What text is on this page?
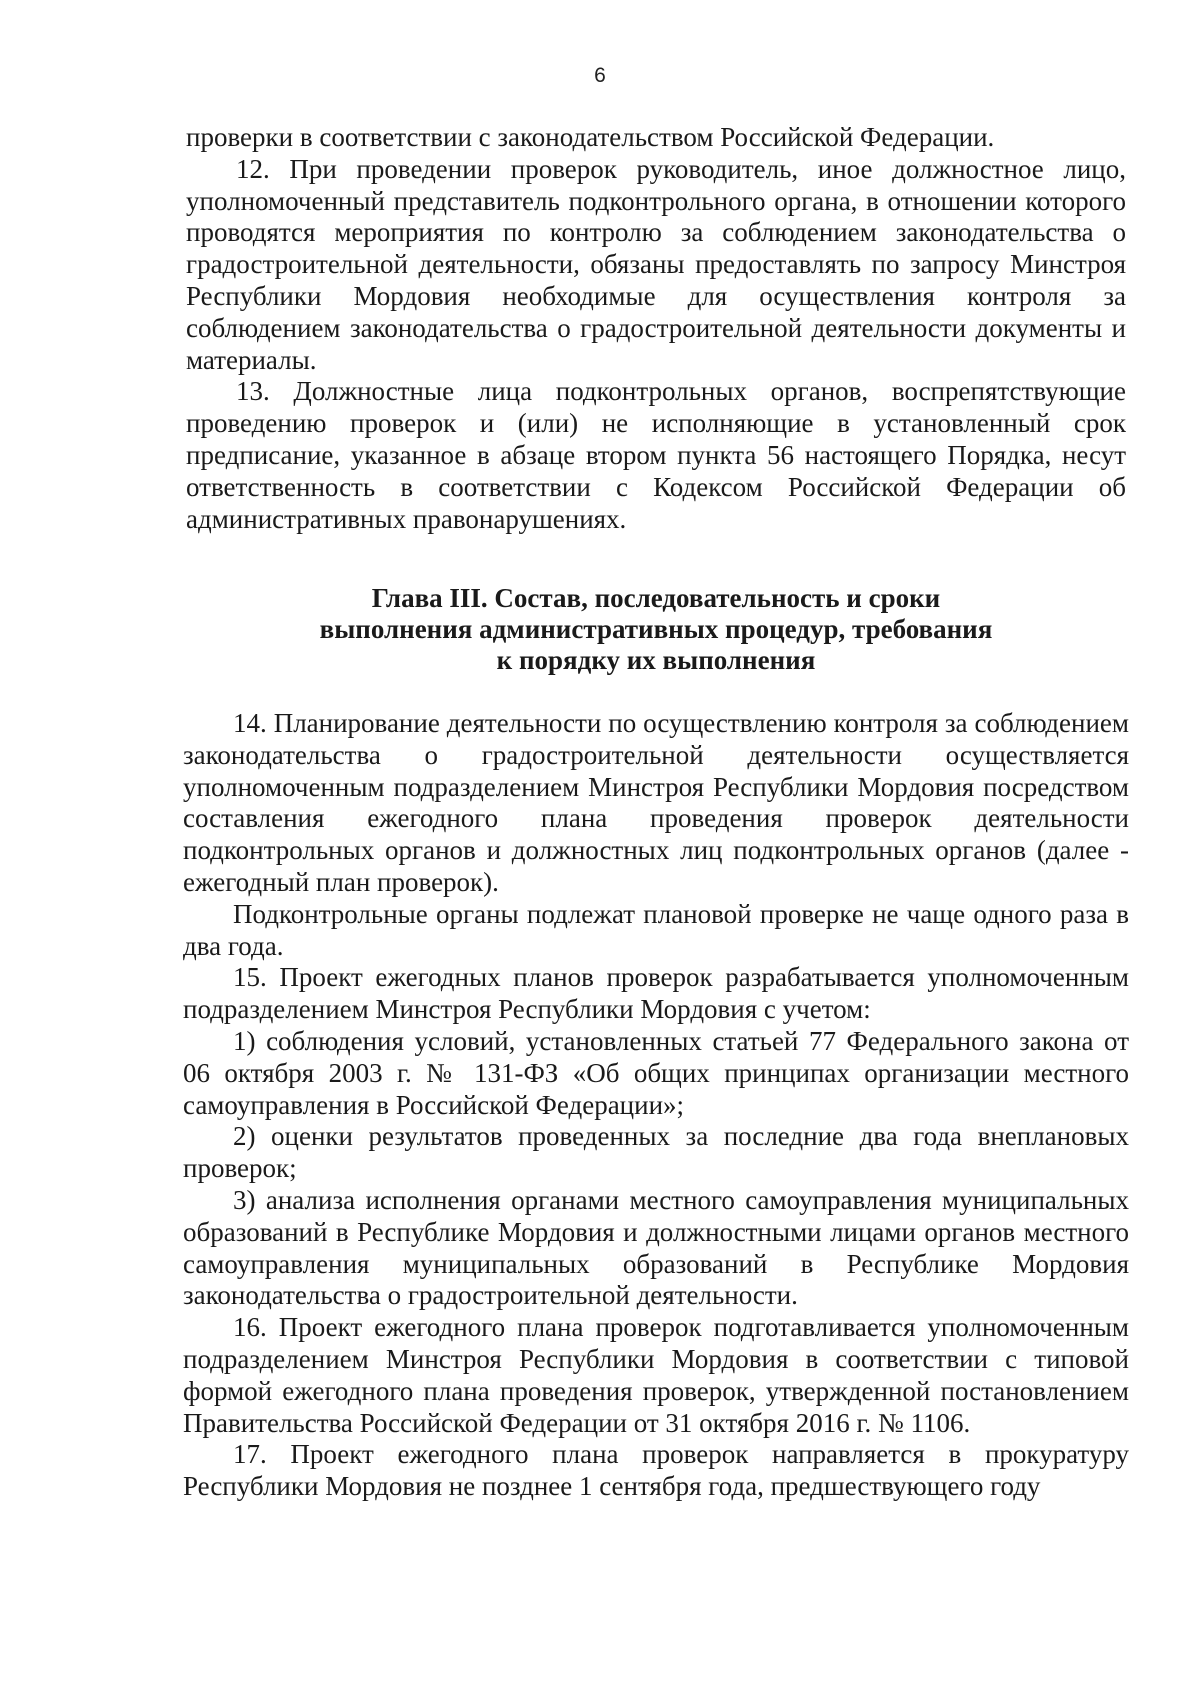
6

проверки в соответствии с законодательством Российской Федерации.

12. При проведении проверок руководитель, иное должностное лицо, уполномоченный представитель подконтрольного органа, в отношении которого проводятся мероприятия по контролю за соблюдением законодательства о градостроительной деятельности, обязаны предоставлять по запросу Минстроя Республики Мордовия необходимые для осуществления контроля за соблюдением законодательства о градостроительной деятельности документы и материалы.

13. Должностные лица подконтрольных органов, воспрепятствующие проведению проверок и (или) не исполняющие в установленный срок предписание, указанное в абзаце втором пункта 56 настоящего Порядка, несут ответственность в соответствии с Кодексом Российской Федерации об административных правонарушениях.

Глава III. Состав, последовательность и сроки
выполнения административных процедур, требования
к порядку их выполнения

14. Планирование деятельности по осуществлению контроля за соблюдением законодательства о градостроительной деятельности осуществляется уполномоченным подразделением Минстроя Республики Мордовия посредством составления ежегодного плана проведения проверок деятельности подконтрольных органов и должностных лиц подконтрольных органов (далее - ежегодный план проверок).

Подконтрольные органы подлежат плановой проверке не чаще одного раза в два года.

15. Проект ежегодных планов проверок разрабатывается уполномоченным подразделением Минстроя Республики Мордовия с учетом:

1) соблюдения условий, установленных статьей 77 Федерального закона от 06 октября 2003 г. № 131-ФЗ «Об общих принципах организации местного самоуправления в Российской Федерации»;

2) оценки результатов проведенных за последние два года внеплановых проверок;

3) анализа исполнения органами местного самоуправления муниципальных образований в Республике Мордовия и должностными лицами органов местного самоуправления муниципальных образований в Республике Мордовия законодательства о градостроительной деятельности.

16. Проект ежегодного плана проверок подготавливается уполномоченным подразделением Минстроя Республики Мордовия в соответствии с типовой формой ежегодного плана проведения проверок, утвержденной постановлением Правительства Российской Федерации от 31 октября 2016 г. № 1106.

17. Проект ежегодного плана проверок направляется в прокуратуру Республики Мордовия не позднее 1 сентября года, предшествующего году
